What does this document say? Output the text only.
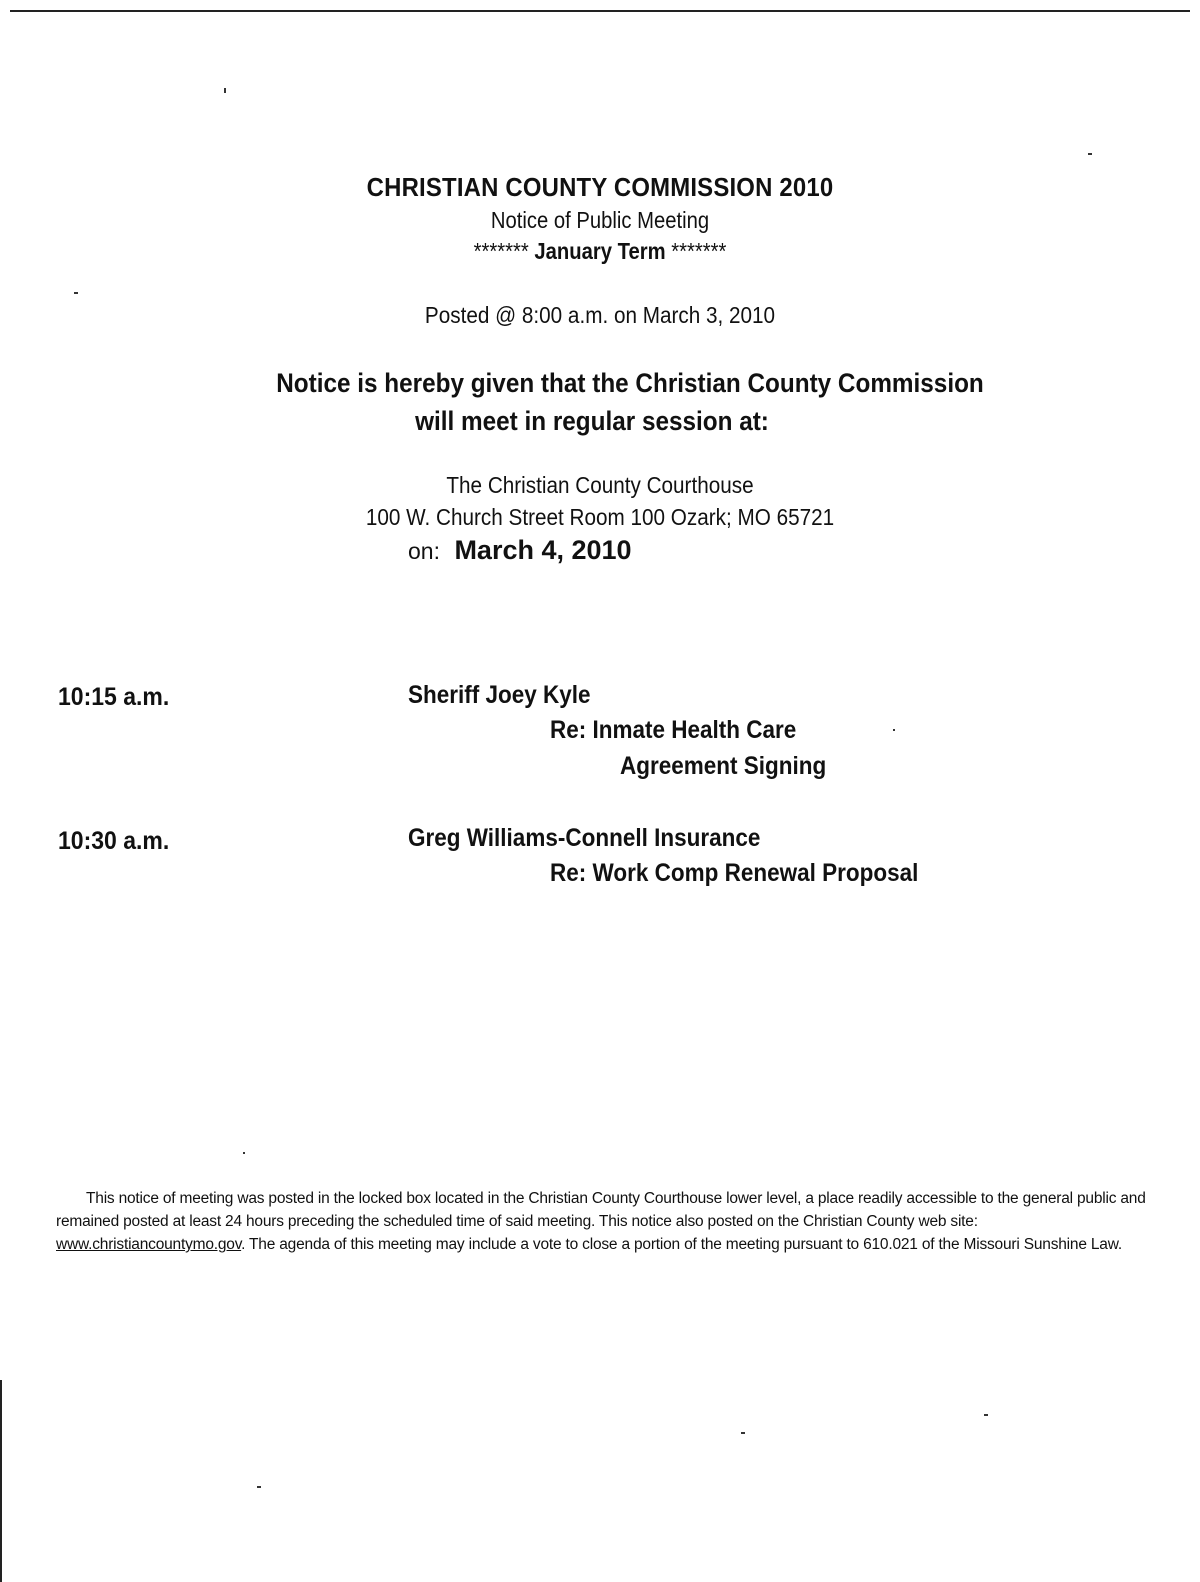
CHRISTIAN COUNTY COMMISSION 2010
Notice of Public Meeting
******* January Term *******
Posted @ 8:00 a.m. on March 3, 2010
Notice is hereby given that the Christian County Commission
will meet in regular session at:
The Christian County Courthouse
100 W. Church Street Room 100 Ozark; MO 65721
on: March 4, 2010
10:15 a.m.	Sheriff Joey Kyle
Re: Inmate Health Care
Agreement Signing
10:30 a.m.	Greg Williams-Connell Insurance
Re: Work Comp Renewal Proposal

This notice of meeting was posted in the locked box located in the Christian County Courthouse lower level, a place readily accessible to the general public and remained posted at least 24 hours preceding the scheduled time of said meeting. This notice also posted on the Christian County web site: www.christiancountymo.gov. The agenda of this meeting may include a vote to close a portion of the meeting pursuant to 610.021 of the Missouri Sunshine Law.
